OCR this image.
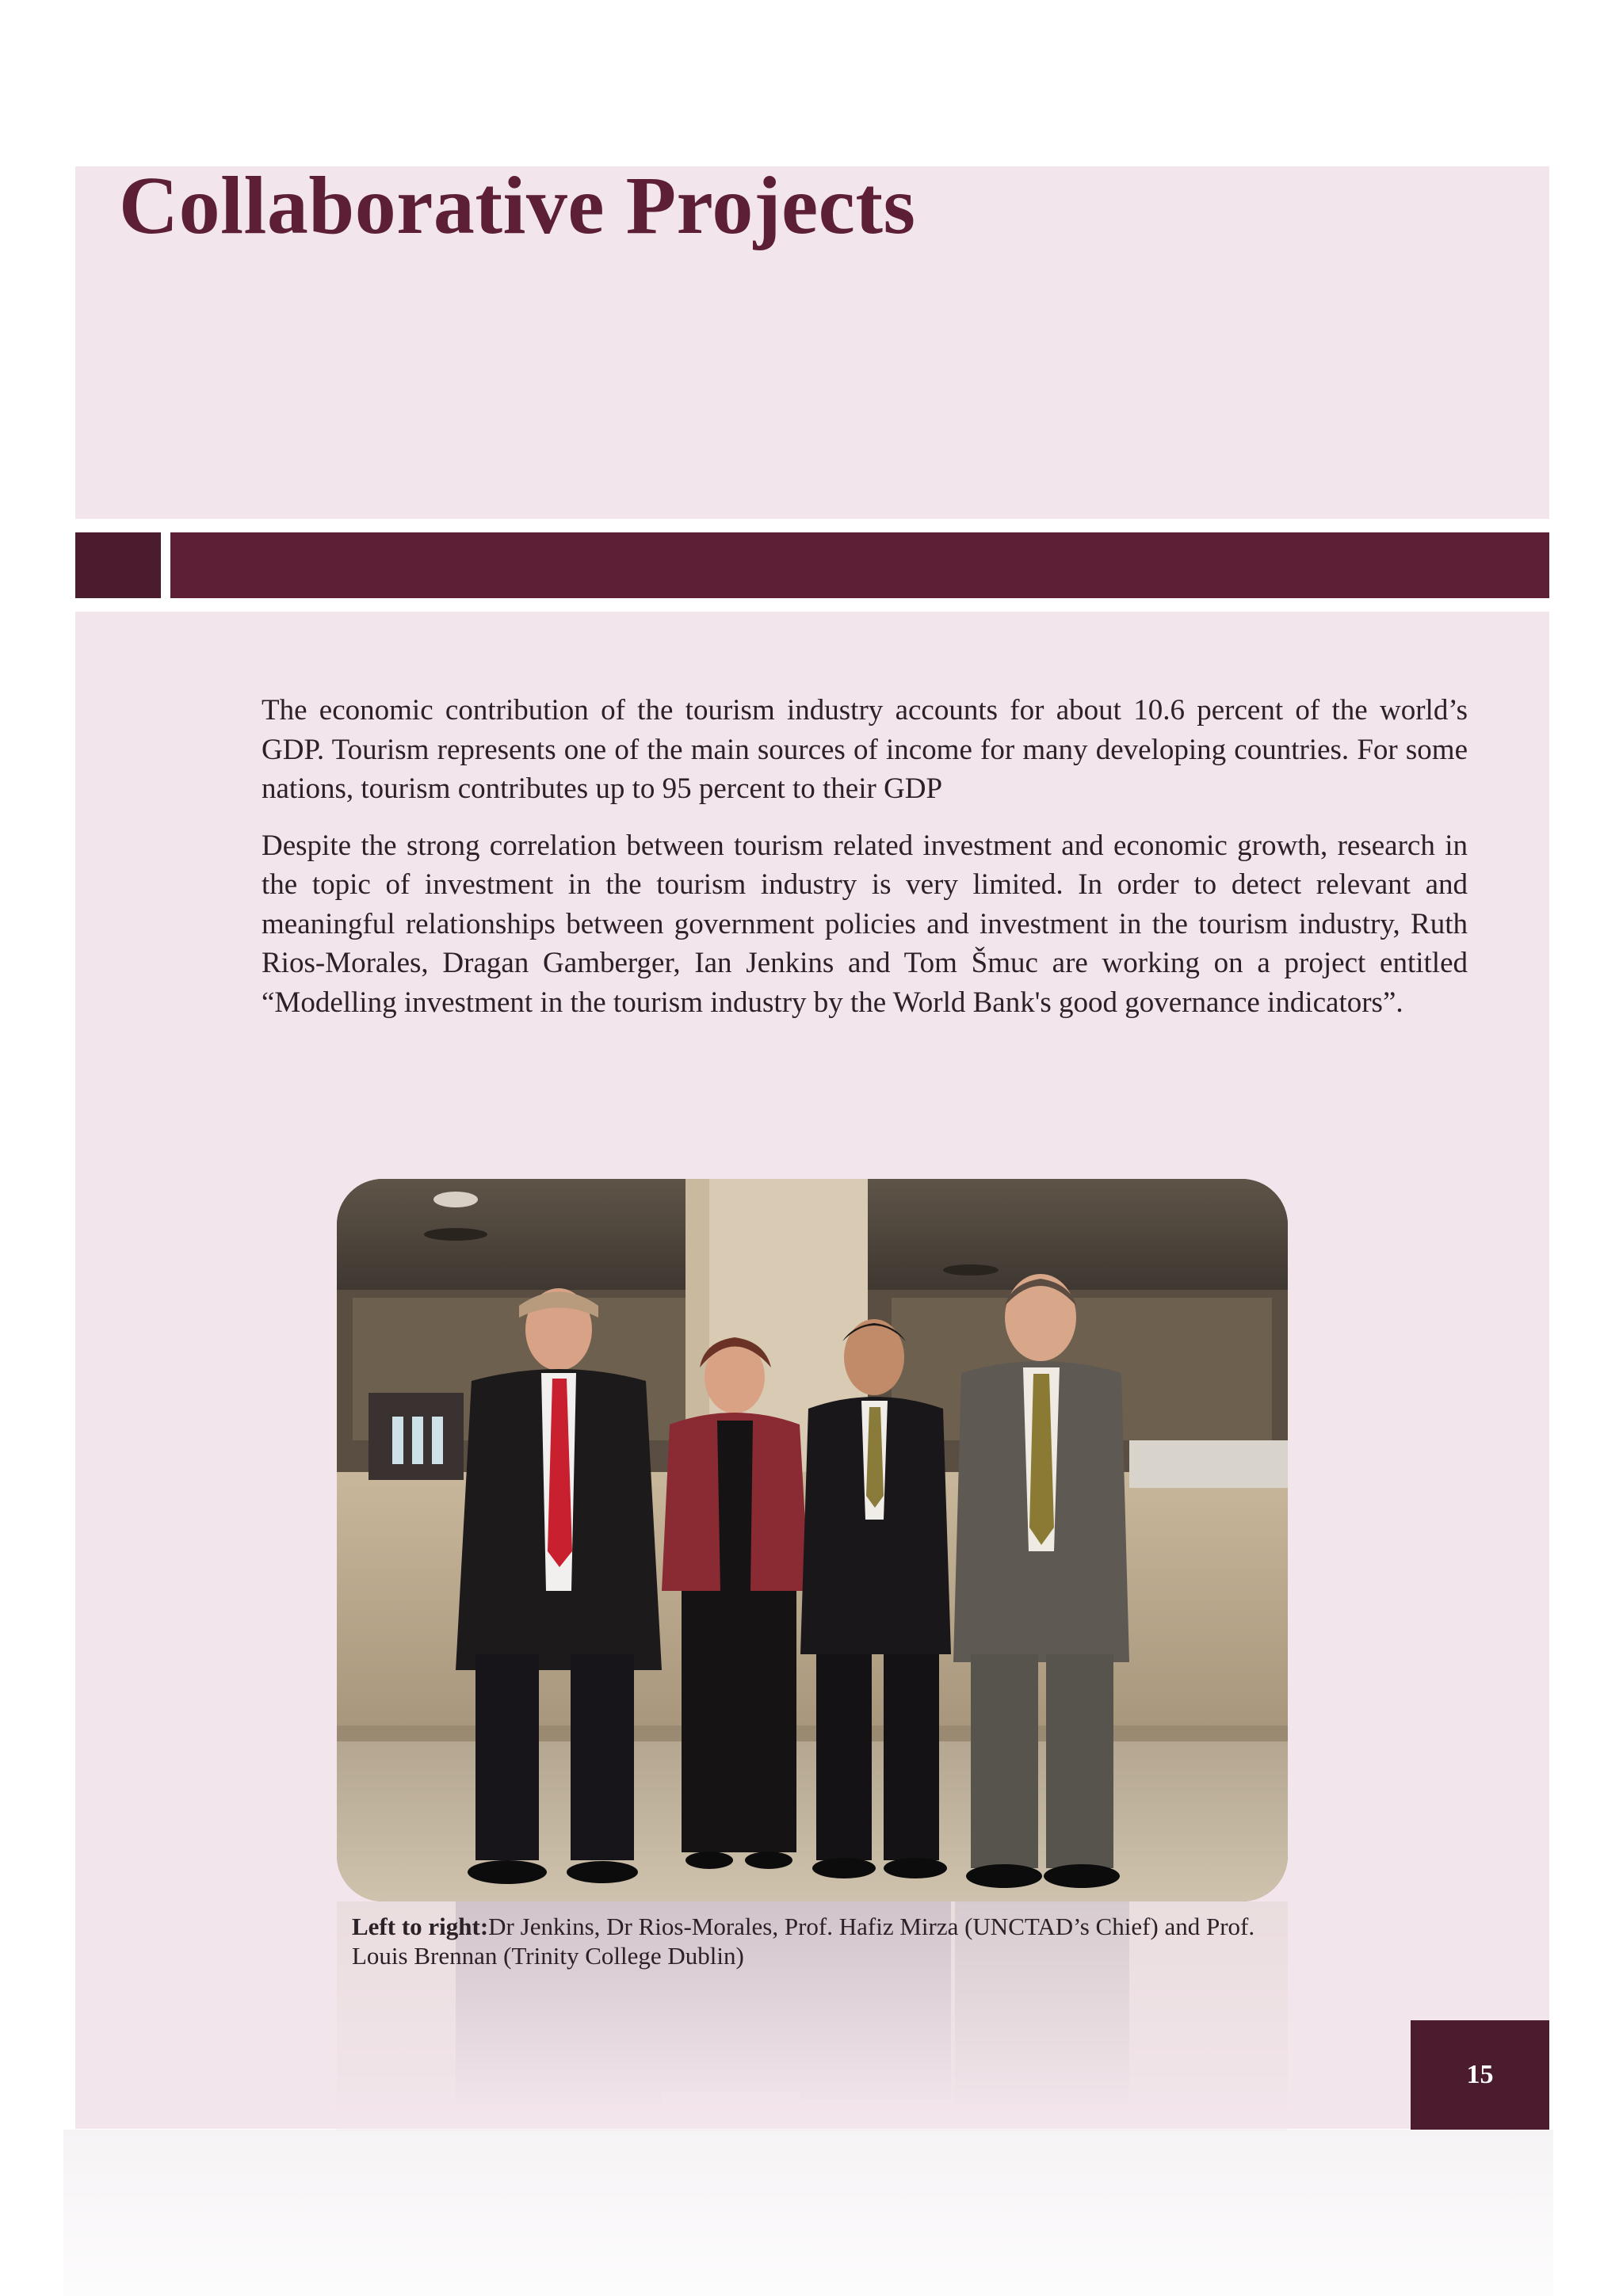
Collaborative Projects

The economic contribution of the tourism industry accounts for about 10.6 percent of the world’s GDP. Tourism represents one of the main sources of income for many developing countries. For some nations, tourism contributes up to 95 percent to their GDP

Despite the strong correlation between tourism related investment and economic growth, research in the topic of investment in the tourism industry is very limited. In order to detect relevant and meaningful relationships between government policies and investment in the tourism industry, Ruth Rios-Morales, Dragan Gamberger, Ian Jenkins and Tom Šmuc are working on a project entitled “Modelling investment in the tourism industry by the World Bank's good governance indicators”.

Left to right:Dr Jenkins, Dr Rios-Morales, Prof. Hafiz Mirza (UNCTAD’s Chief) and Prof. Louis Brennan (Trinity College Dublin)
15
